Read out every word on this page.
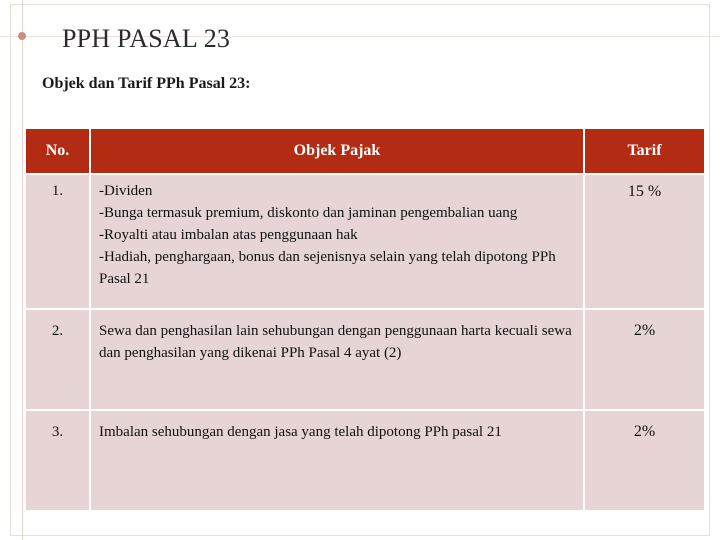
PPH PASAL 23

Objek dan Tarif PPh Pasal 23:

No.	Objek Pajak	Tarif
1.	-Dividen
-Bunga termasuk premium, diskonto dan jaminan pengembalian uang
-Royalti atau imbalan atas penggunaan hak
-Hadiah, penghargaan, bonus dan sejenisnya selain yang telah dipotong PPh Pasal 21	15 %
2.	Sewa dan penghasilan lain sehubungan dengan penggunaan harta kecuali sewa dan penghasilan yang dikenai PPh Pasal 4 ayat (2)	2%
3.	Imbalan sehubungan dengan jasa yang telah dipotong PPh pasal 21	2%
